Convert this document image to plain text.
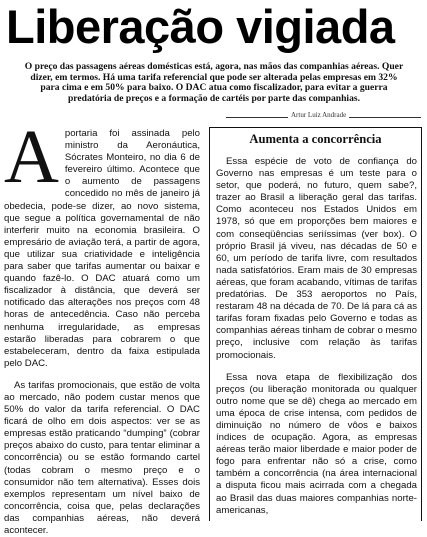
Liberação vigiada

O preço das passagens aéreas domésticas está, agora, nas mãos das companhias aéreas. Quer dizer, em termos. Há uma tarifa referencial que pode ser alterada pelas empresas em 32% para cima e em 50% para baixo. O DAC atua como fiscalizador, para evitar a guerra predatória de preços e a formação de cartéis por parte das companhias.

Artur Luiz Andrade
A portaria foi assinada pelo ministro da Aeronáutica, Sócrates Monteiro, no dia 6 de fevereiro último. Acontece que o aumento de passagens concedido no mês de janeiro já obedecia, pode-se dizer, ao novo sistema, que segue a política governamental de não interferir muito na economia brasileira. O empresário de aviação terá, a partir de agora, que utilizar sua criatividade e inteligência para saber que tarifas aumentar ou baixar e quando fazê-lo. O DAC atuará como um fiscalizador à distância, que deverá ser notificado das alterações nos preços com 48 horas de antecedência. Caso não perceba nenhuma irregularidade, as empresas estarão liberadas para cobrarem o que estabeleceram, dentro da faixa estipulada pelo DAC.

As tarifas promocionais, que estão de volta ao mercado, não podem custar menos que 50% do valor da tarifa referencial. O DAC ficará de olho em dois aspectos: ver se as empresas estão praticando “dumping” (cobrar preços abaixo do custo, para tentar eliminar a concorrência) ou se estão formando cartel (todas cobram o mesmo preço e o consumidor não tem alternativa). Esses dois exemplos representam um nível baixo de concorrência, coisa que, pelas declarações das companhias aéreas, não deverá acontecer.

Aumenta a concorrência

Essa espécie de voto de confiança do Governo nas empresas é um teste para o setor, que poderá, no futuro, quem sabe?, trazer ao Brasil a liberação geral das tarifas. Como aconteceu nos Estados Unidos em 1978, só que em proporções bem maiores e com conseqüências seriíssimas (ver box). O próprio Brasil já viveu, nas décadas de 50 e 60, um período de tarifa livre, com resultados nada satisfatórios. Eram mais de 30 empresas aéreas, que foram acabando, vítimas de tarifas predatórias. De 353 aeroportos no País, restaram 48 na década de 70. De lá para cá as tarifas foram fixadas pelo Governo e todas as companhias aéreas tinham de cobrar o mesmo preço, inclusive com relação às tarifas promocionais.

Essa nova etapa de flexibilização dos preços (ou liberação monitorada ou qualquer outro nome que se dê) chega ao mercado em uma época de crise intensa, com pedidos de diminuição no número de vôos e baixos índices de ocupação. Agora, as empresas aéreas terão maior liberdade e maior poder de fogo para enfrentar não só a crise, como também a concorrência (na área internacional a disputa ficou mais acirrada com a chegada ao Brasil das duas maiores companhias norte-americanas,
